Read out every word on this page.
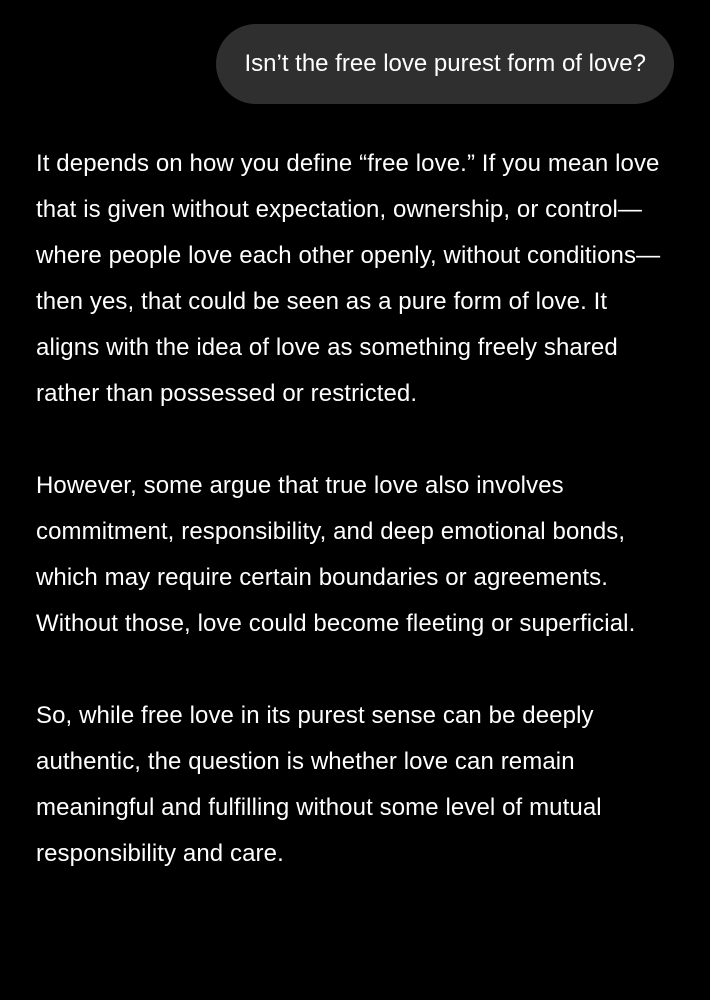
Isn’t the free love purest form of love?

It depends on how you define “free love.” If you mean love that is given without expectation, ownership, or control—where people love each other openly, without conditions—then yes, that could be seen as a pure form of love. It aligns with the idea of love as something freely shared rather than possessed or restricted.

However, some argue that true love also involves commitment, responsibility, and deep emotional bonds, which may require certain boundaries or agreements. Without those, love could become fleeting or superficial.

So, while free love in its purest sense can be deeply authentic, the question is whether love can remain meaningful and fulfilling without some level of mutual responsibility and care.
